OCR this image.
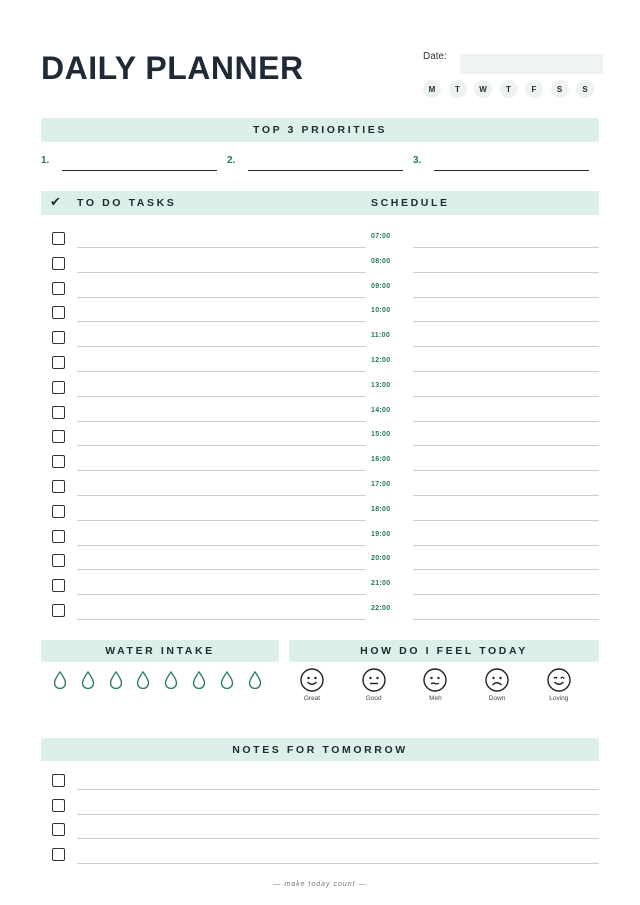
DAILY PLANNER	Date:
M	T	W	T	F	S	S
TOP 3 PRIORITIES
1.	2.	3.
✔ TO DO TASKS	SCHEDULE
07:00
08:00
09:00
10:00
11:00
12:00
13:00
14:00
15:00
16:00
17:00
18:00
19:00
20:00
21:00
22:00
WATER INTAKE	HOW DO I FEEL TODAY
Great	Good	Meh	Down	Loving
NOTES FOR TOMORROW
— make today count —
